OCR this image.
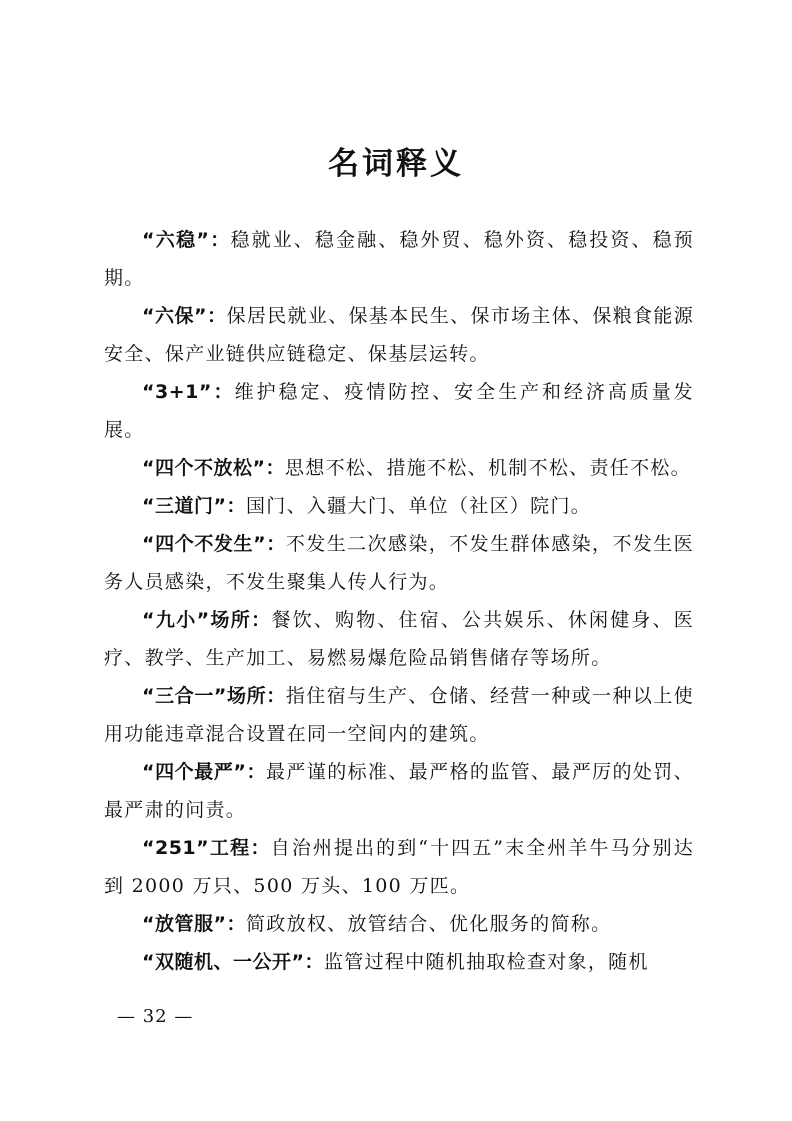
名词释义

“六稳”：稳就业、稳金融、稳外贸、稳外资、稳投资、稳预期。

“六保”：保居民就业、保基本民生、保市场主体、保粮食能源安全、保产业链供应链稳定、保基层运转。

“3+1”：维护稳定、疫情防控、安全生产和经济高质量发展。

“四个不放松”：思想不松、措施不松、机制不松、责任不松。

“三道门”：国门、入疆大门、单位（社区）院门。

“四个不发生”：不发生二次感染，不发生群体感染，不发生医务人员感染，不发生聚集人传人行为。

“九小”场所：餐饮、购物、住宿、公共娱乐、休闲健身、医疗、教学、生产加工、易燃易爆危险品销售储存等场所。

“三合一”场所：指住宿与生产、仓储、经营一种或一种以上使用功能违章混合设置在同一空间内的建筑。

“四个最严”：最严谨的标准、最严格的监管、最严厉的处罚、最严肃的问责。

“251”工程：自治州提出的到“十四五”末全州羊牛马分别达到 2000 万只、500 万头、100 万匹。

“放管服”：简政放权、放管结合、优化服务的简称。

“双随机、一公开”：监管过程中随机抽取检查对象，随机

— 32 —
